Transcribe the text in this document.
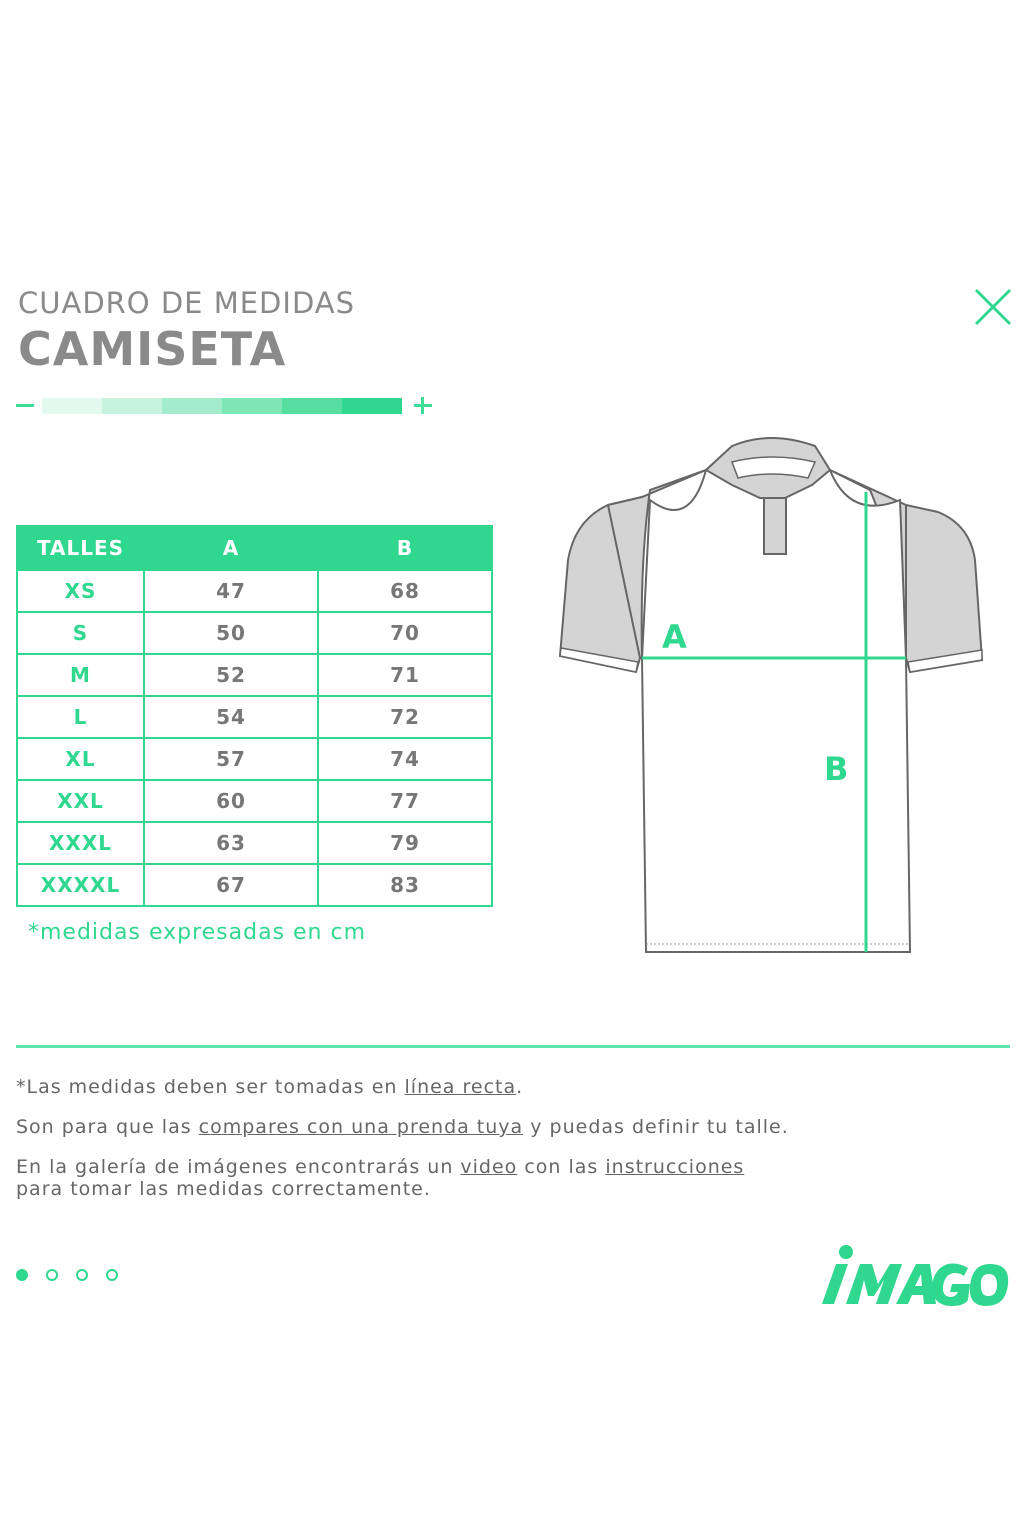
CUADRO DE MEDIDAS
CAMISETA
TALLES	A	B
XS	47	68
S	50	70
M	52	71
L	54	72
XL	57	74
XXL	60	77
XXXL	63	79
XXXXL	67	83
*medidas expresadas en cm
A
B

*Las medidas deben ser tomadas en línea recta.

Son para que las compares con una prenda tuya y puedas definir tu talle.

En la galería de imágenes encontrarás un video con las instrucciones
para tomar las medidas correctamente.
